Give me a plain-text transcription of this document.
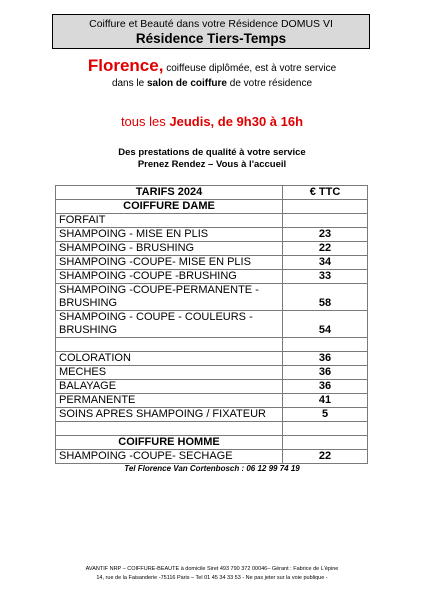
Coiffure et Beauté dans votre Résidence DOMUS VI
Résidence Tiers-Temps
Florence, coiffeuse diplômée, est à votre service
dans le salon de coiffure de votre résidence
tous les Jeudis, de 9h30 à 16h
Des prestations de qualité à votre service
Prenez Rendez – Vous à l'accueil
TARIFS 2024	€ TTC
COIFFURE DAME	
FORFAIT	
SHAMPOING - MISE EN PLIS	23
SHAMPOING - BRUSHING	22
SHAMPOING -COUPE- MISE EN PLIS	34
SHAMPOING -COUPE -BRUSHING	33
SHAMPOING -COUPE-PERMANENTE - BRUSHING	58
SHAMPOING - COUPE - COULEURS - BRUSHING	54

COLORATION	36
MECHES	36
BALAYAGE	36
PERMANENTE	41
SOINS APRES SHAMPOING / FIXATEUR	5

COIFFURE HOMME	
SHAMPOING -COUPE- SECHAGE	22
Tel Florence Van Cortenbosch : 06 12 99 74 19
AVANTIF NRP – COIFFURE-BEAUTE à domicile Siret 493 790 372 00046– Gérant : Fabrice de L'épine
14, rue de la Faisanderie -75116 Paris – Tel 01 45 34 33 53 - Ne pas jeter sur la voie publique -
